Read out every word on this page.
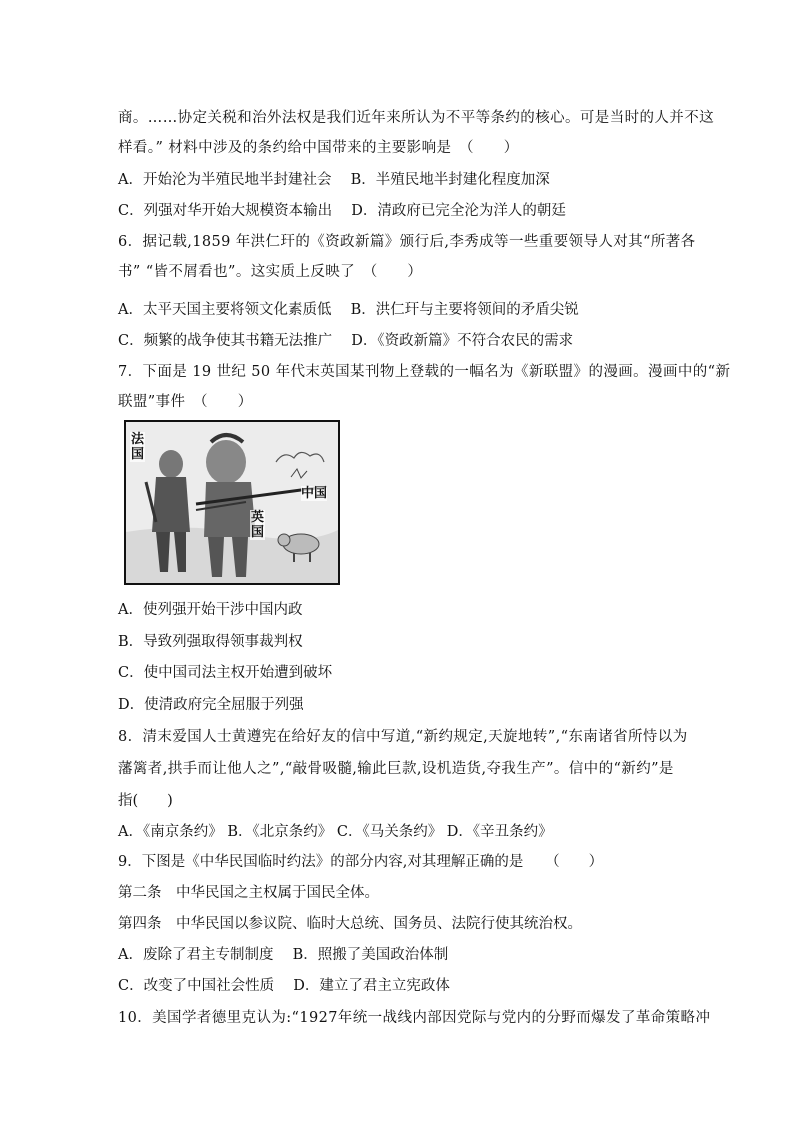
商。……协定关税和治外法权是我们近年来所认为不平等条约的核心。可是当时的人并不这
样看。” 材料中涉及的条约给中国带来的主要影响是　（　　）
A．开始沦为半殖民地半封建社会　 B．半殖民地半封建化程度加深
C．列强对华开始大规模资本输出　 D．清政府已完全沦为洋人的朝廷
6．据记载,1859 年洪仁玕的《资政新篇》颁行后,李秀成等一些重要领导人对其“所著各
书” “皆不屑看也”。这实质上反映了　（　　）
A．太平天国主要将领文化素质低　 B．洪仁玕与主要将领间的矛盾尖锐
C．频繁的战争使其书籍无法推广　 D．《资政新篇》不符合农民的需求
7．下面是 19 世纪 50 年代末英国某刊物上登载的一幅名为《新联盟》的漫画。漫画中的“新
法国
英国
中国
A．使列强开始干涉中国内政
B．导致列强取得领事裁判权
C．使中国司法主权开始遭到破坏
D．使清政府完全屈服于列强
8．清末爱国人士黄遵宪在给好友的信中写道,“新约规定,天旋地转”,“东南诸省所恃以为
藩篱者,拱手而让他人之”,“敲骨吸髓,输此巨款,设机造货,夺我生产”。信中的“新约”是
指(　　)
A．《南京条约》 B．《北京条约》 C．《马关条约》 D．《辛丑条约》
9．下图是《中华民国临时约法》的部分内容,对其理解正确的是　　（　　）
第二条　中华民国之主权属于国民全体。
第四条　中华民国以参议院、临时大总统、国务员、法院行使其统治权。
A．废除了君主专制制度　 B．照搬了美国政治体制
C．改变了中国社会性质　 D．建立了君主立宪政体
10．美国学者德里克认为:“1927年统一战线内部因党际与党内的分野而爆发了革命策略冲
联盟”事件　（　　）
